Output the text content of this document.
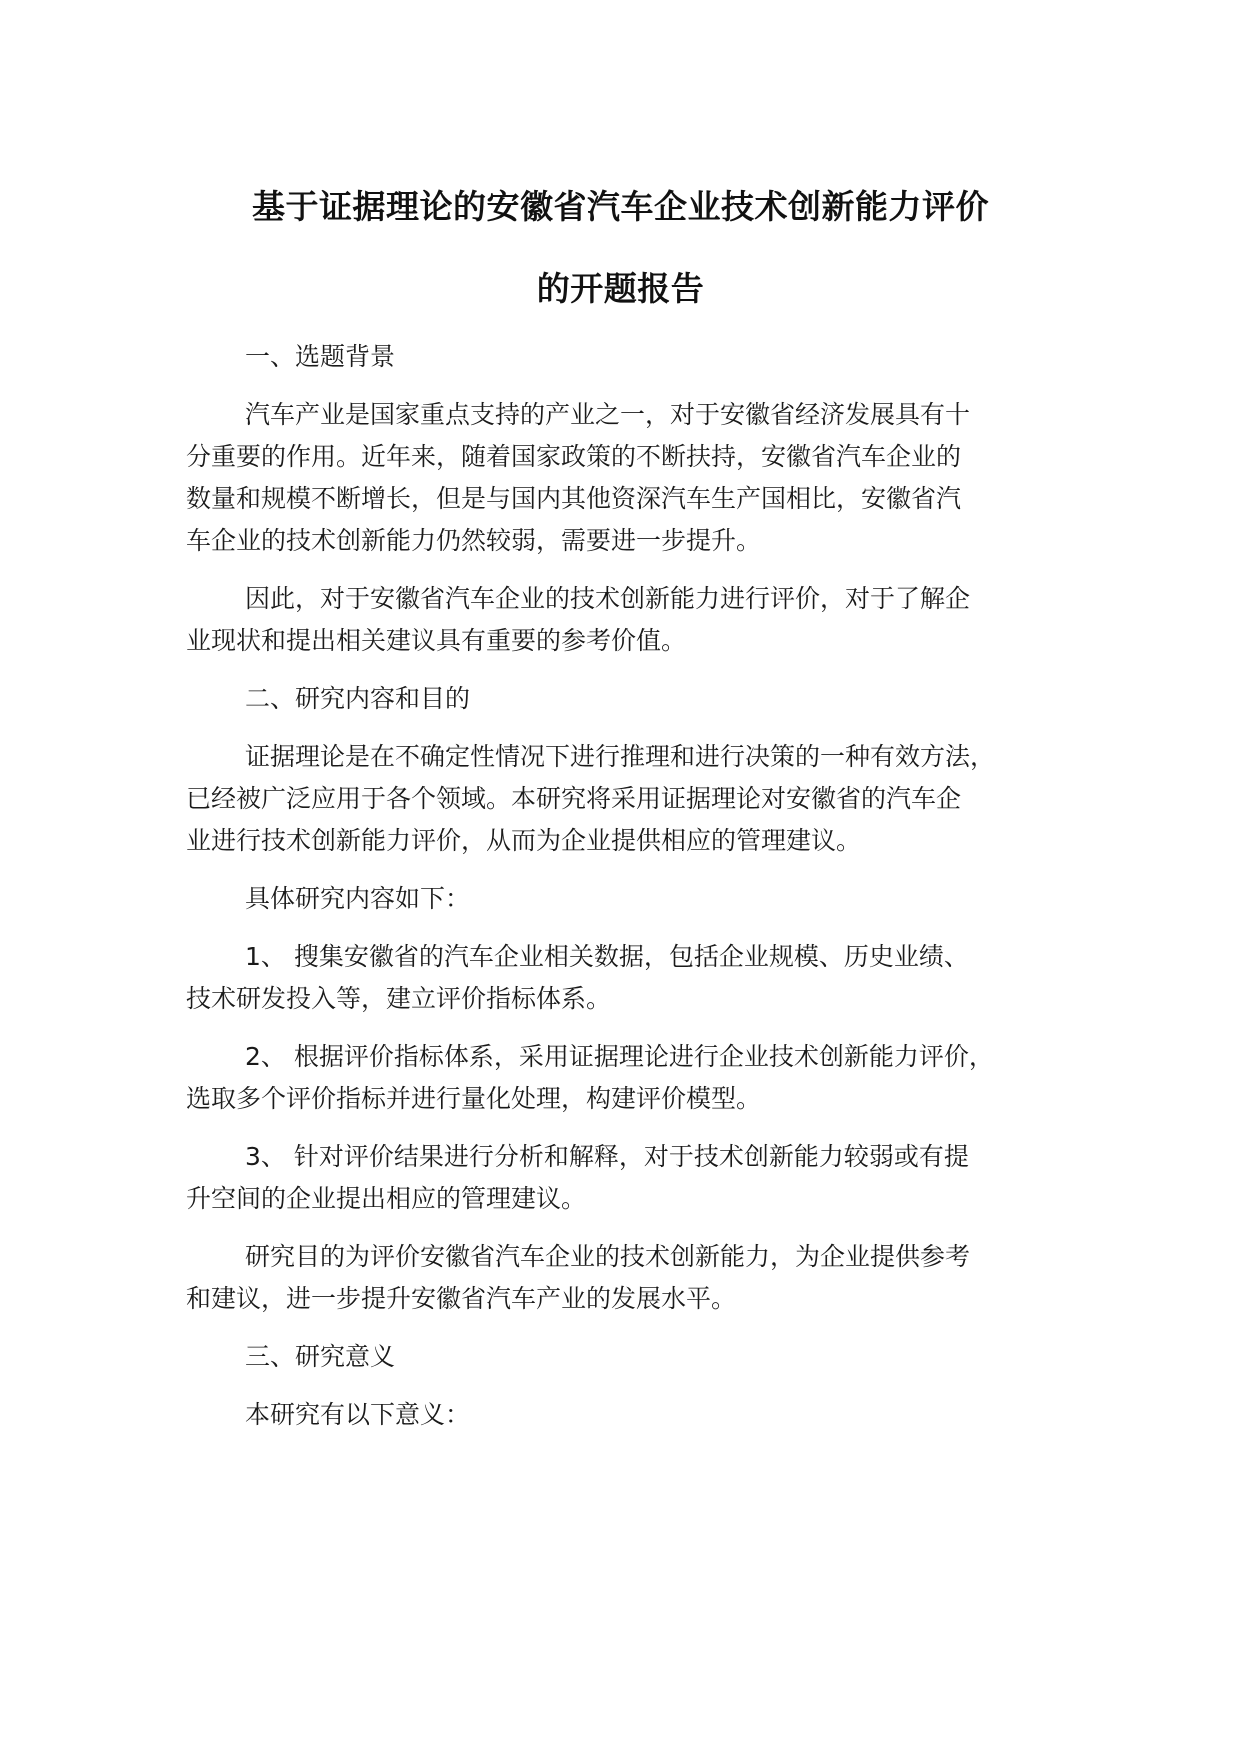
基于证据理论的安徽省汽车企业技术创新能力评价
的开题报告
一、选题背景
汽车产业是国家重点支持的产业之一，对于安徽省经济发展具有十
分重要的作用。近年来，随着国家政策的不断扶持，安徽省汽车企业的
数量和规模不断增长，但是与国内其他资深汽车生产国相比，安徽省汽
车企业的技术创新能力仍然较弱，需要进一步提升。
因此，对于安徽省汽车企业的技术创新能力进行评价，对于了解企
业现状和提出相关建议具有重要的参考价值。
二、研究内容和目的
证据理论是在不确定性情况下进行推理和进行决策的一种有效方法，
已经被广泛应用于各个领域。本研究将采用证据理论对安徽省的汽车企
业进行技术创新能力评价，从而为企业提供相应的管理建议。
具体研究内容如下：
1、 搜集安徽省的汽车企业相关数据，包括企业规模、历史业绩、
技术研发投入等，建立评价指标体系。
2、 根据评价指标体系，采用证据理论进行企业技术创新能力评价，
选取多个评价指标并进行量化处理，构建评价模型。
3、 针对评价结果进行分析和解释，对于技术创新能力较弱或有提
升空间的企业提出相应的管理建议。
研究目的为评价安徽省汽车企业的技术创新能力，为企业提供参考
和建议，进一步提升安徽省汽车产业的发展水平。
三、研究意义
本研究有以下意义：
